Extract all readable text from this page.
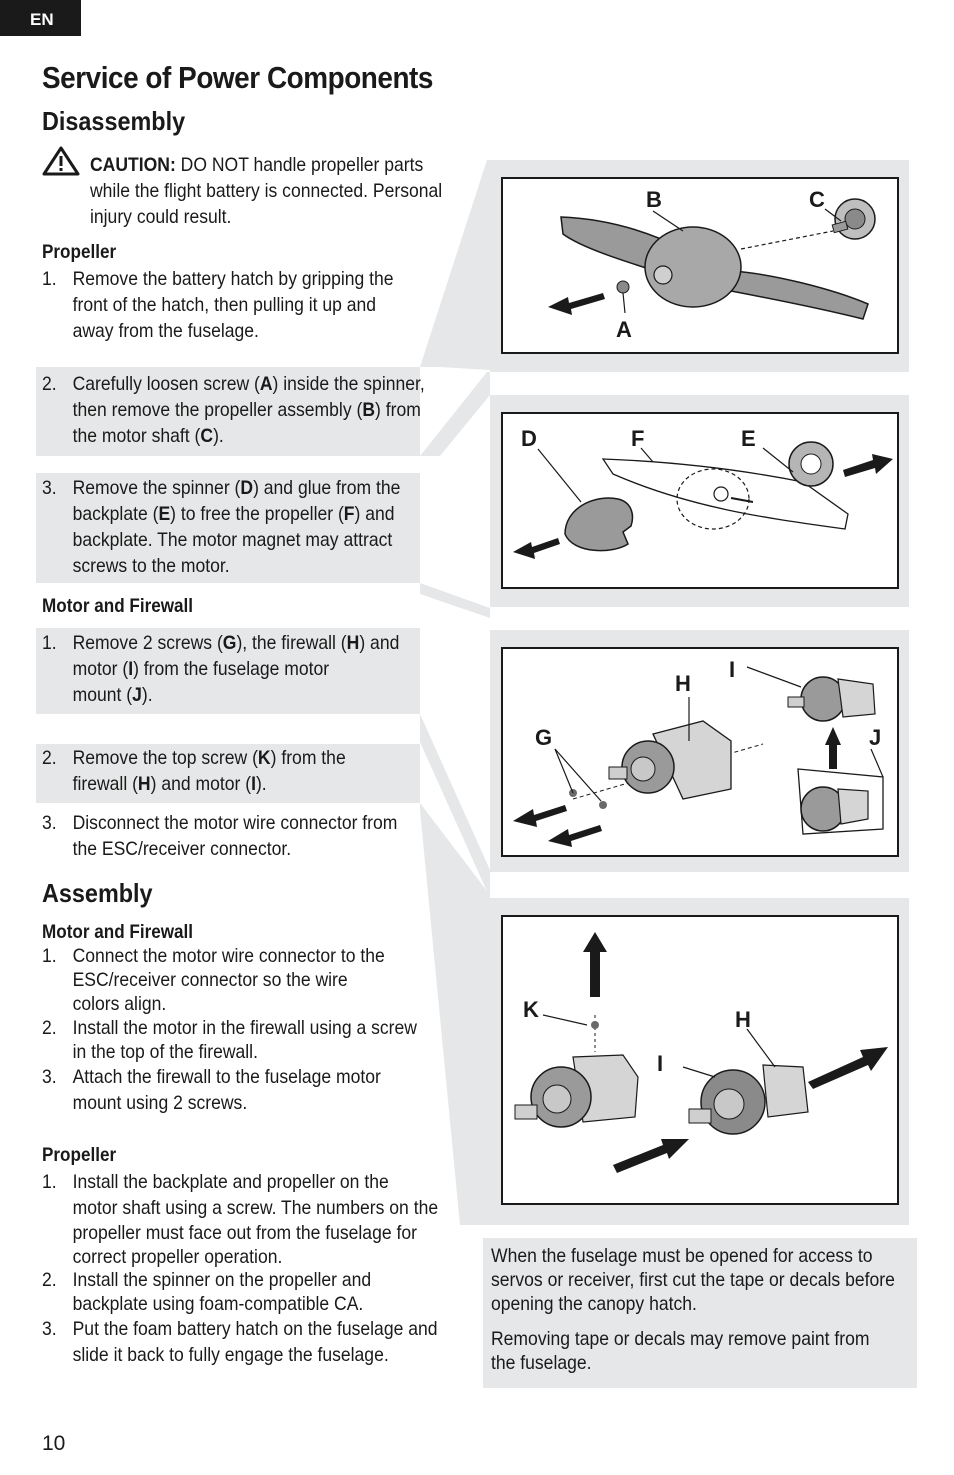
EN
Service of Power Components
Disassembly
CAUTION: DO NOT handle propeller parts
while the flight battery is connected. Personal
injury could result.
Propeller
1. Remove the battery hatch by gripping the
front of the hatch, then pulling it up and
away from the fuselage.
2. Carefully loosen screw (A) inside the spinner,
then remove the propeller assembly (B) from
the motor shaft (C).
3. Remove the spinner (D) and glue from the
backplate (E) to free the propeller (F) and
backplate. The motor magnet may attract
screws to the motor.
Motor and Firewall
1. Remove 2 screws (G), the firewall (H) and
motor (I) from the fuselage motor
mount (J).
2. Remove the top screw (K) from the
firewall (H) and motor (I).
3. Disconnect the motor wire connector from
the ESC/receiver connector.
Assembly
Motor and Firewall
1. Connect the motor wire connector to the
ESC/receiver connector so the wire
colors align.
2. Install the motor in the firewall using a screw
in the top of the firewall.
3. Attach the firewall to the fuselage motor
mount using 2 screws.
Propeller
1. Install the backplate and propeller on the
motor shaft using a screw. The numbers on the
propeller must face out from the fuselage for
correct propeller operation.
2. Install the spinner on the propeller and
backplate using foam-compatible CA.
3. Put the foam battery hatch on the fuselage and
slide it back to fully engage the fuselage.
B	C
A
D	F	E
I
H
G	J
K	H
I
When the fuselage must be opened for access to
servos or receiver, first cut the tape or decals before
opening the canopy hatch.
Removing tape or decals may remove paint from
the fuselage.
10
